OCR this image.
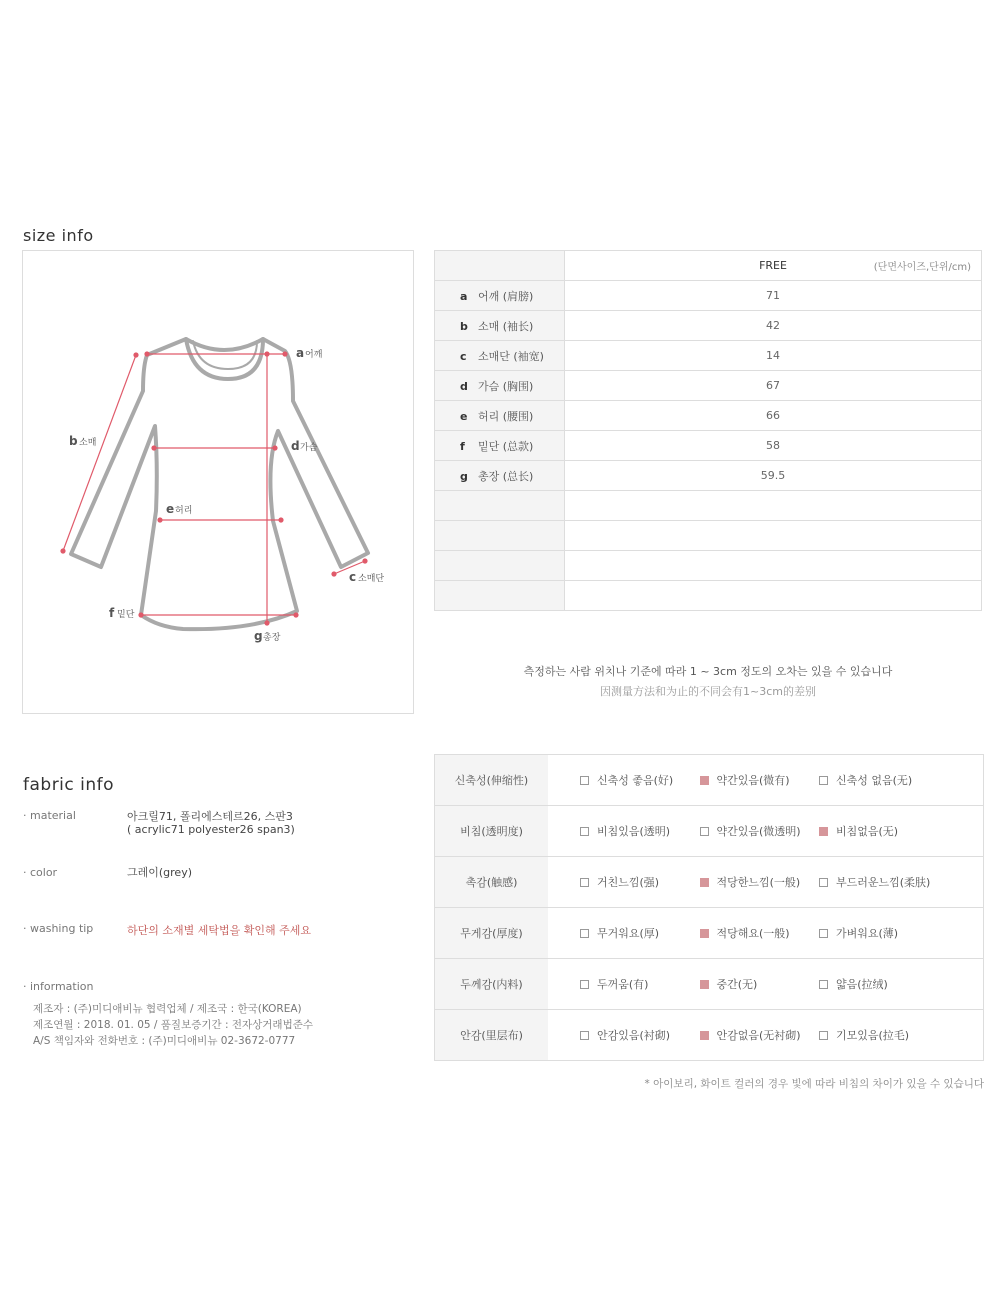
size info
a 어깨
b 소매
c 소매단
d 가슴
e 허리
f 밑단
g 총장
	FREE (단면사이즈,단위/cm)

a 어깨 (肩膀)	71
b 소매 (袖长)	42
c 소매단 (袖宽)	14
d 가슴 (胸围)	67
e 허리 (腰围)	66
f 밑단 (总款)	58
g 총장 (总长)	59.5

측정하는 사람 위치나 기준에 따라 1 ~ 3cm 정도의 오차는 있을 수 있습니다
因测量方法和为止的不同会有1~3cm的差别
fabric info
· material	아크릴71, 폴리에스테르26, 스판3
( acrylic71 polyester26 span3)
· color	그레이(grey)
· washing tip	하단의 소재별 세탁법을 확인해 주세요
· information
제조자 : (주)미디애비뉴 협력업체 / 제조국 : 한국(KOREA)
제조연월 : 2018. 01. 05 / 품질보증기간 : 전자상거래법준수
A/S 책임자와 전화번호 : (주)미디애비뉴 02-3672-0777
신축성(伸缩性)	신축성 좋음(好) 약간있음(微有) 신축성 없음(无)
비침(透明度)	비침있음(透明) 약간있음(微透明) 비침없음(无)
촉감(触感)	거친느낌(强) 적당한느낌(一般) 부드러운느낌(柔肤)
무게감(厚度)	무거워요(厚) 적당해요(一般) 가벼워요(薄)
두께감(内料)	두꺼움(有) 중간(无) 얇음(拉绒)
안감(里层布)	안감있음(衬砌) 안감없음(无衬砌) 기모있음(拉毛)
* 아이보리, 화이트 컬러의 경우 빛에 따라 비침의 차이가 있을 수 있습니다
